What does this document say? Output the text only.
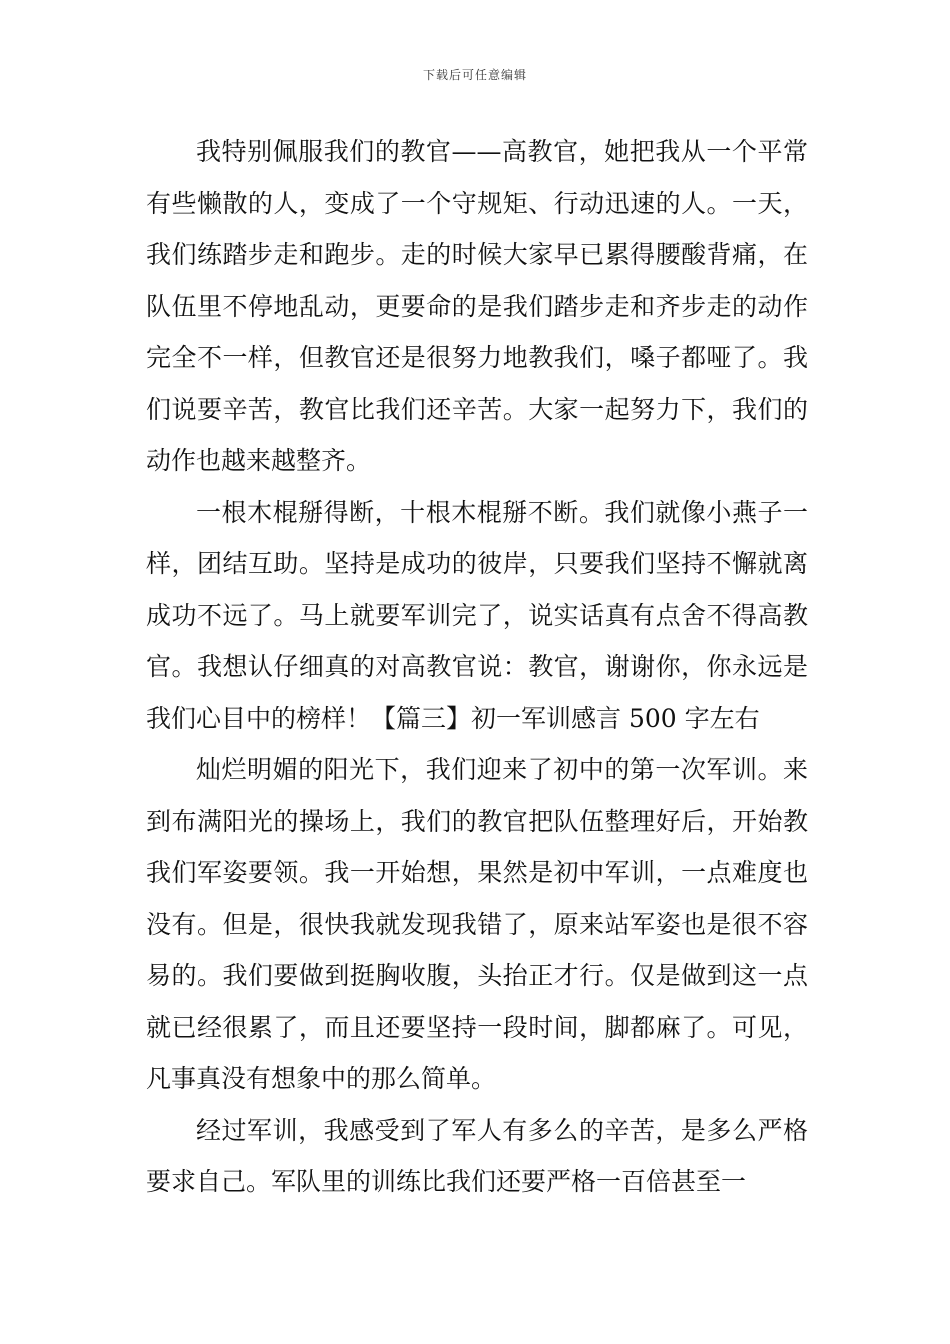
下载后可任意编辑

我特别佩服我们的教官——高教官，她把我从一个平常有些懒散的人，变成了一个守规矩、行动迅速的人。一天，我们练踏步走和跑步。走的时候大家早已累得腰酸背痛，在队伍里不停地乱动，更要命的是我们踏步走和齐步走的动作完全不一样，但教官还是很努力地教我们，嗓子都哑了。我们说要辛苦，教官比我们还辛苦。大家一起努力下，我们的动作也越来越整齐。

一根木棍掰得断，十根木棍掰不断。我们就像小燕子一样，团结互助。坚持是成功的彼岸，只要我们坚持不懈就离成功不远了。马上就要军训完了，说实话真有点舍不得高教官。我想认仔细真的对高教官说：教官，谢谢你，你永远是我们心目中的榜样！【篇三】初一军训感言 500 字左右

灿烂明媚的阳光下，我们迎来了初中的第一次军训。来到布满阳光的操场上，我们的教官把队伍整理好后，开始教我们军姿要领。我一开始想，果然是初中军训，一点难度也没有。但是，很快我就发现我错了，原来站军姿也是很不容易的。我们要做到挺胸收腹，头抬正才行。仅是做到这一点就已经很累了，而且还要坚持一段时间，脚都麻了。可见，凡事真没有想象中的那么简单。

经过军训，我感受到了军人有多么的辛苦，是多么严格要求自己。军队里的训练比我们还要严格一百倍甚至一
